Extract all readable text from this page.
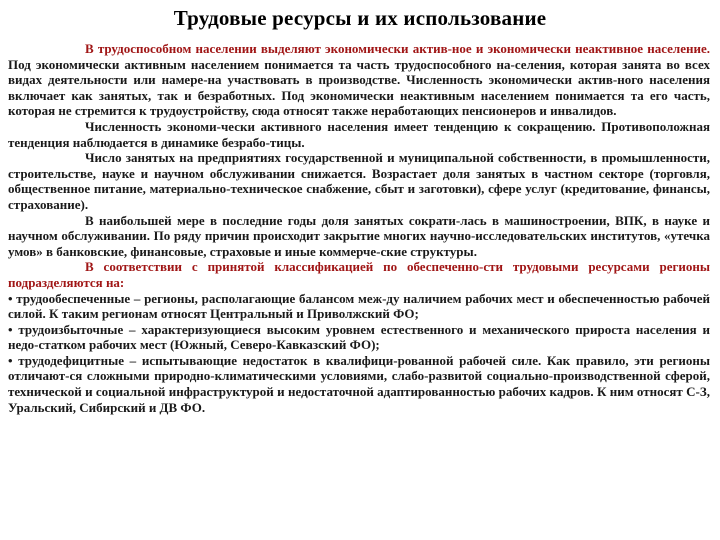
Трудовые ресурсы и их использование

В трудоспособном населении выделяют экономически актив-ное и экономически неактивное население. Под экономически активным населением понимается та часть трудоспособного на-селения, которая занята во всех видах деятельности или намере-на участвовать в производстве. Численность экономически актив-ного населения включает как занятых, так и безработных. Под экономически неактивным населением понимается та его часть, которая не стремится к трудоустройству, сюда относят также неработающих пенсионеров и инвалидов.

Численность экономи-чески активного населения имеет тенденцию к сокращению. Противоположная тенденция наблюдается в динамике безрабо-тицы.

Число занятых на предприятиях государственной и муниципальной собственности, в промышленности, строительстве, науке и научном обслуживании снижается. Возрастает доля занятых в частном секторе (торговля, общественное питание, материально-техническое снабжение, сбыт и заготовки), сфере услуг (кредитование, финансы, страхование).

В наибольшей мере в последние годы доля занятых сократи-лась в машиностроении, ВПК, в науке и научном обслуживании. По ряду причин происходит закрытие многих научно-исследовательских институтов, «утечка умов» в банковские, финансовые, страховые и иные коммерче-ские структуры.

В соответствии с принятой классификацией по обеспеченно-сти трудовыми ресурсами регионы подразделяются на:

• трудообеспеченные – регионы, располагающие балансом меж-ду наличием рабочих мест и обеспеченностью рабочей силой. К таким регионам относят Центральный и Приволжский ФО;

• трудоизбыточные – характеризующиеся высоким уровнем естественного и механического прироста населения и недо-статком рабочих мест (Южный, Северо-Кавказский ФО);

• трудодефицитные – испытывающие недостаток в квалифици-рованной рабочей силе. Как правило, эти регионы отличают-ся сложными природно-климатическими условиями, слабо-развитой социально-производственной сферой, технической и социальной инфраструктурой и недостаточной адаптированностью рабочих кадров. К ним относят С-З, Уральский, Сибирский и ДВ ФО.
